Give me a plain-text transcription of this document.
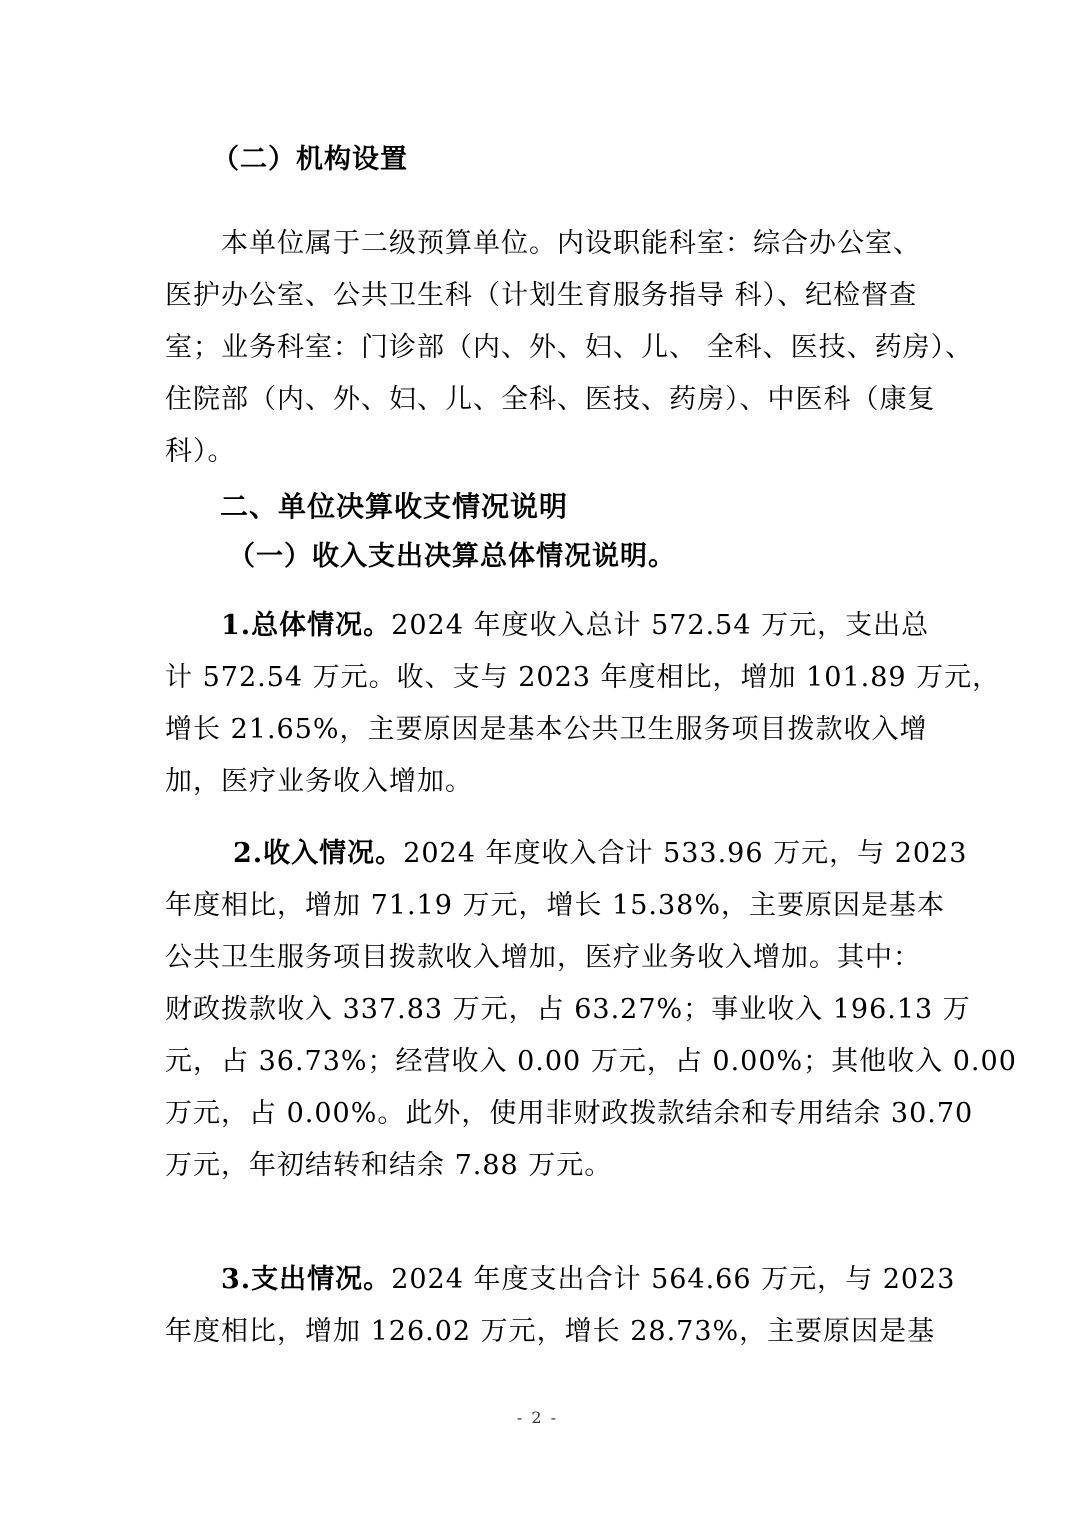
（二）机构设置
本单位属于二级预算单位。内设职能科室：综合办公室、
医护办公室、公共卫生科（计划生育服务指导 科）、纪检督查
室；业务科室：门诊部（内、外、妇、儿、 全科、医技、药房）、
住院部（内、外、妇、儿、全科、医技、药房）、中医科（康复
科）。
二、单位决算收支情况说明
（一）收入支出决算总体情况说明。
1.总体情况。2024 年度收入总计 572.54 万元，支出总
计 572.54 万元。收、支与 2023 年度相比，增加 101.89 万元，
增长 21.65%，主要原因是基本公共卫生服务项目拨款收入增
加，医疗业务收入增加。
2.收入情况。2024 年度收入合计 533.96 万元，与 2023
年度相比，增加 71.19 万元，增长 15.38%，主要原因是基本
公共卫生服务项目拨款收入增加，医疗业务收入增加。其中：
财政拨款收入 337.83 万元，占 63.27%；事业收入 196.13 万
元，占 36.73%；经营收入 0.00 万元，占 0.00%；其他收入 0.00
万元，占 0.00%。此外，使用非财政拨款结余和专用结余 30.70
万元，年初结转和结余 7.88 万元。
3.支出情况。2024 年度支出合计 564.66 万元，与 2023
年度相比，增加 126.02 万元，增长 28.73%，主要原因是基
- 2 -
